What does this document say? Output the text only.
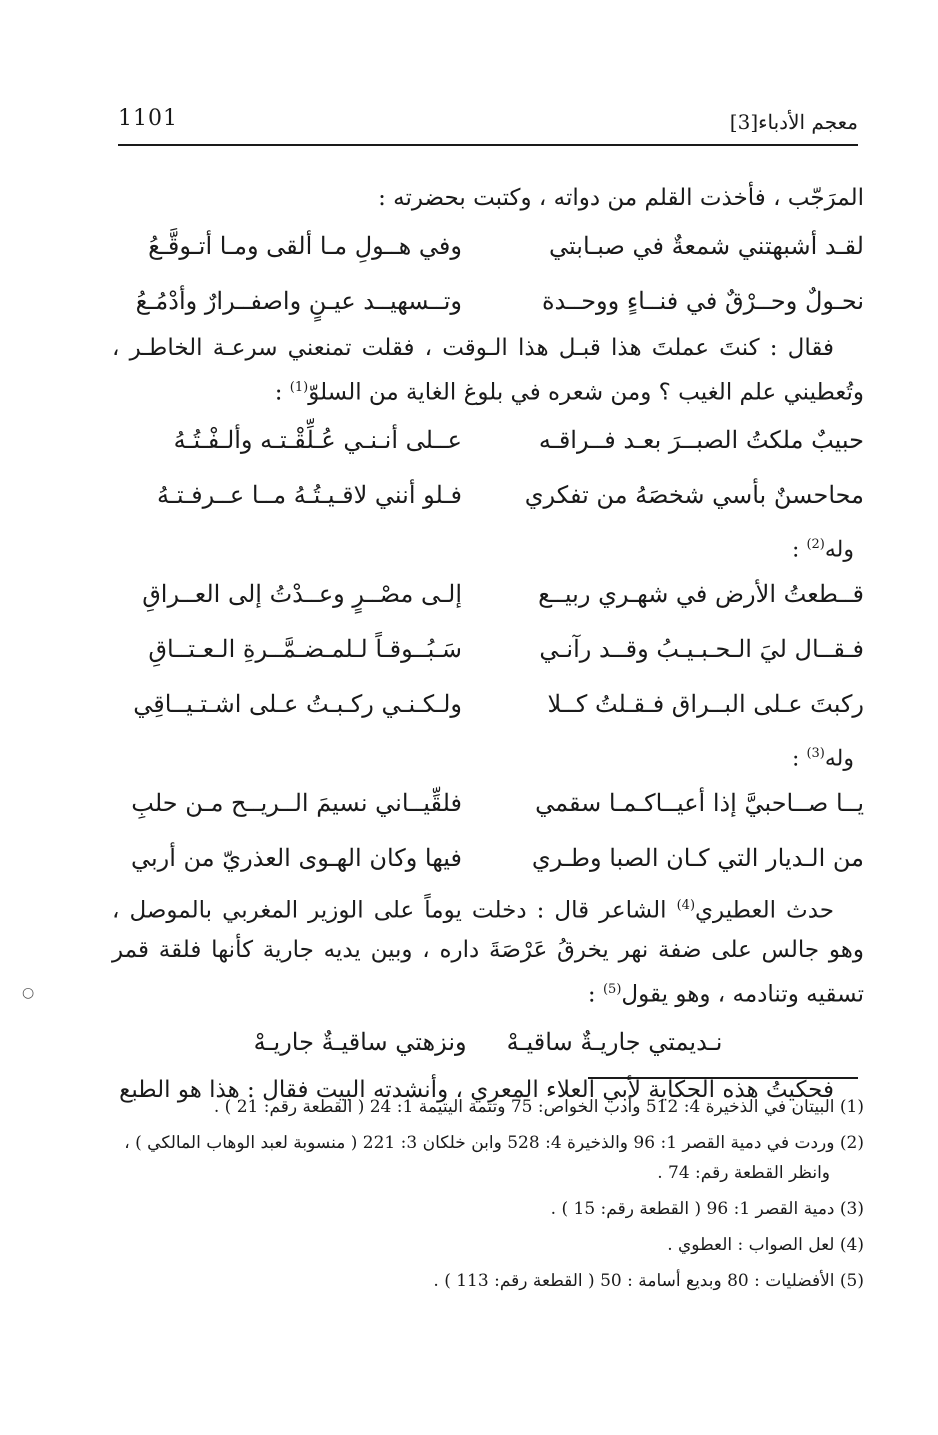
معجم الأدباء[3]
1101

المرَجّب ، فأخذت القلم من دواته ، وكتبت بحضرته :

لقـد أشبهتني شمعةٌ في صبـابتي
وفي هــولِ مـا ألقى ومـا أتـوقَّـعُ
نحـولٌ وحــرْقٌ في فنــاءٍ ووحــدة
وتــسهيــد عيـنٍ واصفــرارٌ وأدْمُـعُ

فقال : كنتَ عملتَ هذا قبـل هذا الـوقت ، فقلت تمنعني سرعـة الخاطـر ، وتُعطيني علم الغيب ؟ ومن شعره في بلوغ الغاية من السلوّ$^{(1)}$ :

حبيبٌ ملكتُ الصبــرَ بعـد فــراقـه
عــلى أنـنـي عُـلِّقْـتـه وألـفْـتُـهُ
محاحسنٌ بأسي شخصَهُ من تفكري
فـلو أنني لاقـيـتُـهُ مــا عــرفـتـهُ
وله$^{(2)}$ :
قــطعتُ الأرض في شهـري ربيــع
إلـى مصْــرٍ وعــدْتُ إلى العــراقِ
فـقــال ليَ الـحـبـيـبُ وقــد رآنـي
سَـبُــوقـاً لـلمـضـمَّــرةِ الـعـتــاقِ
ركبتَ عـلى البــراق فـقـلتُ كــلا
ولـكـنـي ركـبـتُ عـلى اشـتـيــاقِي
وله$^{(3)}$ :
يــا صــاحبيَّ إذا أعيــاكـمـا سقمي
فلقِّيــاني نسيمَ الــريــح مـن حلبِ
من الـديار التي كـان الصبا وطـري
فيها وكان الهـوى العذريّ من أربي

حدث العطيري$^{(4)}$ الشاعر قال : دخلت يوماً على الوزير المغربي بالموصل ، وهو جالس على ضفة نهر يخرقُ عَرْصَةَ داره ، وبين يديه جارية كأنها فلقة قمر تسقيه وتنادمه ، وهو يقول$^{(5)}$ :

نـديمتي جاريـةٌ ساقيـهْ
ونزهتي ساقيـةٌ جاريـهْ

فحكيتُ هذه الحكاية لأبي العلاء المعري ، وأنشدته البيت فقال : هذا هو الطبع

(1) البيتان في الذخيرة 4: 512 وأدب الخواص: 75 وتتمة اليتيمة 1: 24 ( القطعة رقم: 21 ) .

(2) وردت في دمية القصر 1: 96 والذخيرة 4: 528 وابن خلكان 3: 221 ( منسوبة لعبد الوهاب المالكي ) ، وانظر القطعة رقم: 74 .

(3) دمية القصر 1: 96 ( القطعة رقم: 15 ) .

(4) لعل الصواب : العطوي .

(5) الأفضليات : 80 وبديع أسامة : 50 ( القطعة رقم: 113 ) .

○
